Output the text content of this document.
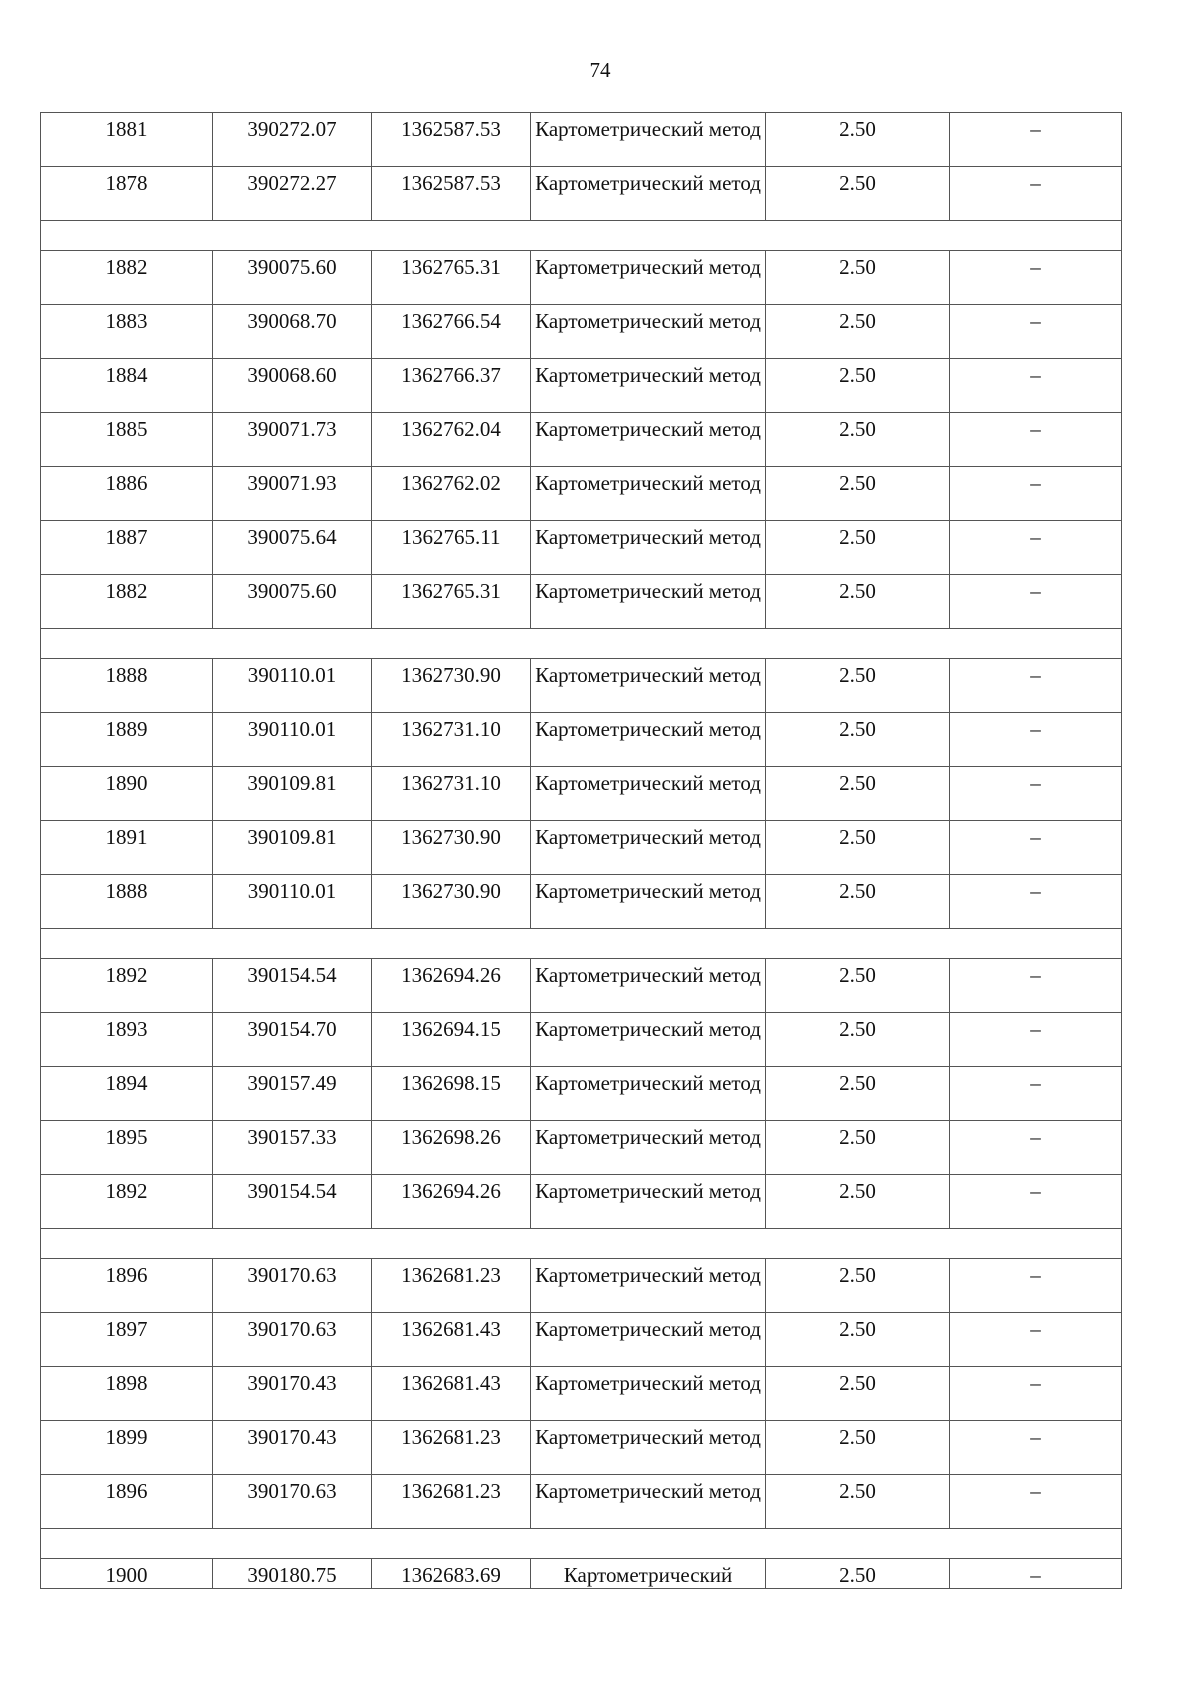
74
1881	390272.07	1362587.53	Картометрический метод	2.50	–
1878	390272.27	1362587.53	Картометрический метод	2.50	–

1882	390075.60	1362765.31	Картометрический метод	2.50	–
1883	390068.70	1362766.54	Картометрический метод	2.50	–
1884	390068.60	1362766.37	Картометрический метод	2.50	–
1885	390071.73	1362762.04	Картометрический метод	2.50	–
1886	390071.93	1362762.02	Картометрический метод	2.50	–
1887	390075.64	1362765.11	Картометрический метод	2.50	–
1882	390075.60	1362765.31	Картометрический метод	2.50	–

1888	390110.01	1362730.90	Картометрический метод	2.50	–
1889	390110.01	1362731.10	Картометрический метод	2.50	–
1890	390109.81	1362731.10	Картометрический метод	2.50	–
1891	390109.81	1362730.90	Картометрический метод	2.50	–
1888	390110.01	1362730.90	Картометрический метод	2.50	–

1892	390154.54	1362694.26	Картометрический метод	2.50	–
1893	390154.70	1362694.15	Картометрический метод	2.50	–
1894	390157.49	1362698.15	Картометрический метод	2.50	–
1895	390157.33	1362698.26	Картометрический метод	2.50	–
1892	390154.54	1362694.26	Картометрический метод	2.50	–

1896	390170.63	1362681.23	Картометрический метод	2.50	–
1897	390170.63	1362681.43	Картометрический метод	2.50	–
1898	390170.43	1362681.43	Картометрический метод	2.50	–
1899	390170.43	1362681.23	Картометрический метод	2.50	–
1896	390170.63	1362681.23	Картометрический метод	2.50	–

1900	390180.75	1362683.69	Картометрический	2.50	–
